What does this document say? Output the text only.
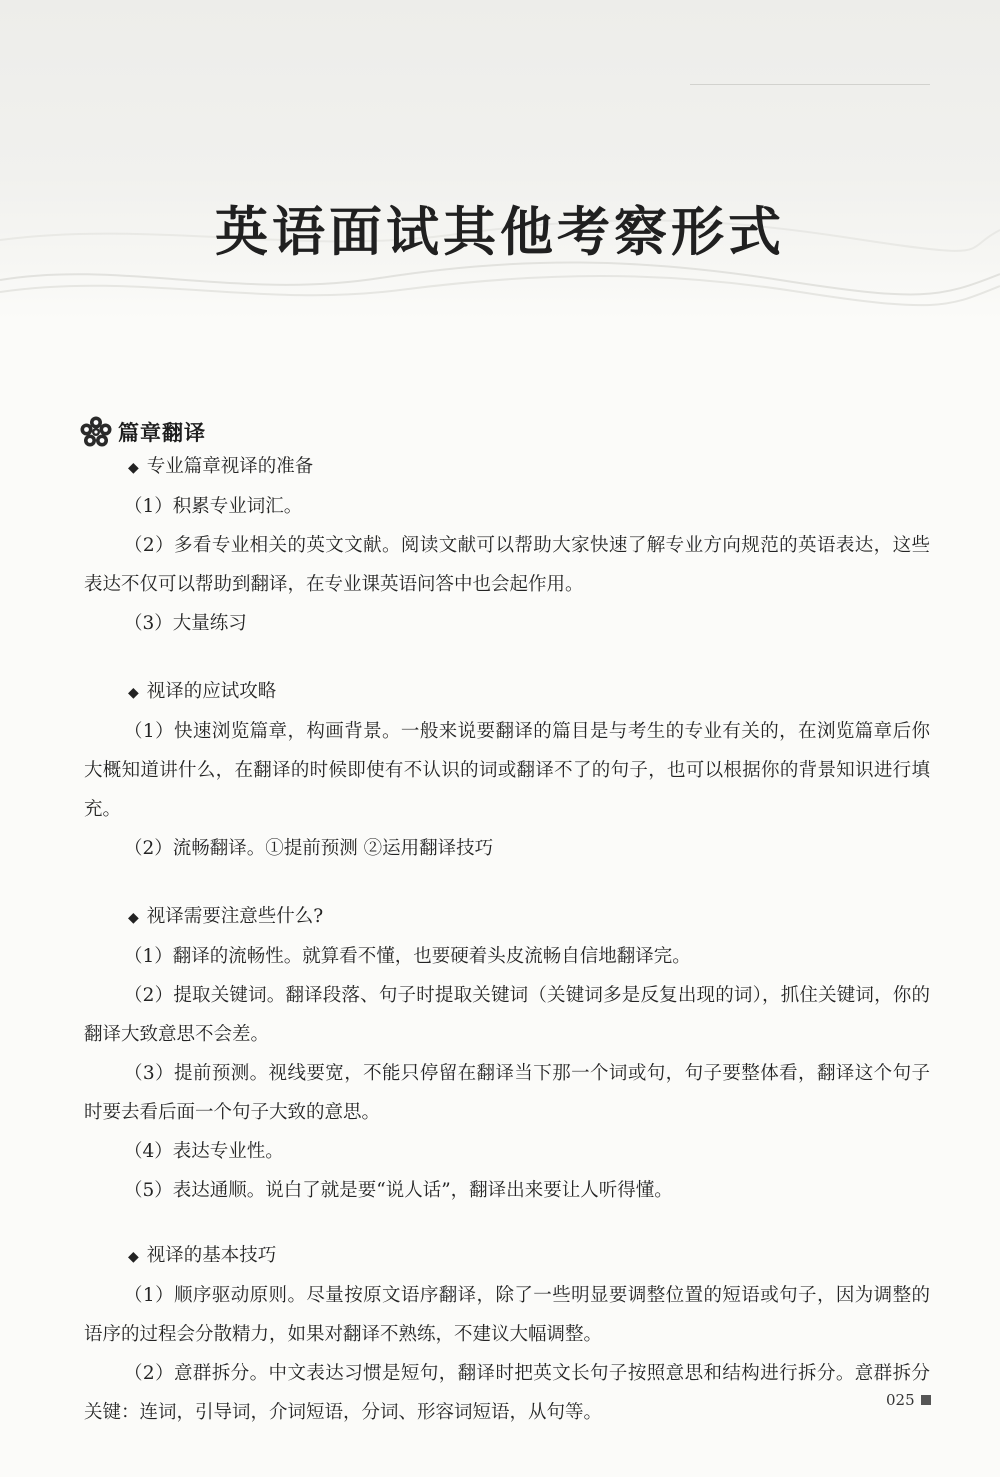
英语面试其他考察形式
篇章翻译
◆ 专业篇章视译的准备

（1）积累专业词汇。

（2）多看专业相关的英文文献。阅读文献可以帮助大家快速了解专业方向规范的英语表达，这些表达不仅可以帮助到翻译，在专业课英语问答中也会起作用。

（3）大量练习

◆ 视译的应试攻略

（1）快速浏览篇章，构画背景。一般来说要翻译的篇目是与考生的专业有关的，在浏览篇章后你大概知道讲什么，在翻译的时候即使有不认识的词或翻译不了的句子，也可以根据你的背景知识进行填充。

（2）流畅翻译。①提前预测 ②运用翻译技巧

◆ 视译需要注意些什么?

（1）翻译的流畅性。就算看不懂，也要硬着头皮流畅自信地翻译完。

（2）提取关键词。翻译段落、句子时提取关键词（关键词多是反复出现的词），抓住关键词，你的翻译大致意思不会差。

（3）提前预测。视线要宽，不能只停留在翻译当下那一个词或句，句子要整体看，翻译这个句子时要去看后面一个句子大致的意思。

（4）表达专业性。

（5）表达通顺。说白了就是要“说人话”，翻译出来要让人听得懂。

◆ 视译的基本技巧

（1）顺序驱动原则。尽量按原文语序翻译，除了一些明显要调整位置的短语或句子，因为调整的语序的过程会分散精力，如果对翻译不熟练，不建议大幅调整。

（2）意群拆分。中文表达习惯是短句，翻译时把英文长句子按照意思和结构进行拆分。意群拆分关键：连词，引导词，介词短语，分词、形容词短语，从句等。

025
